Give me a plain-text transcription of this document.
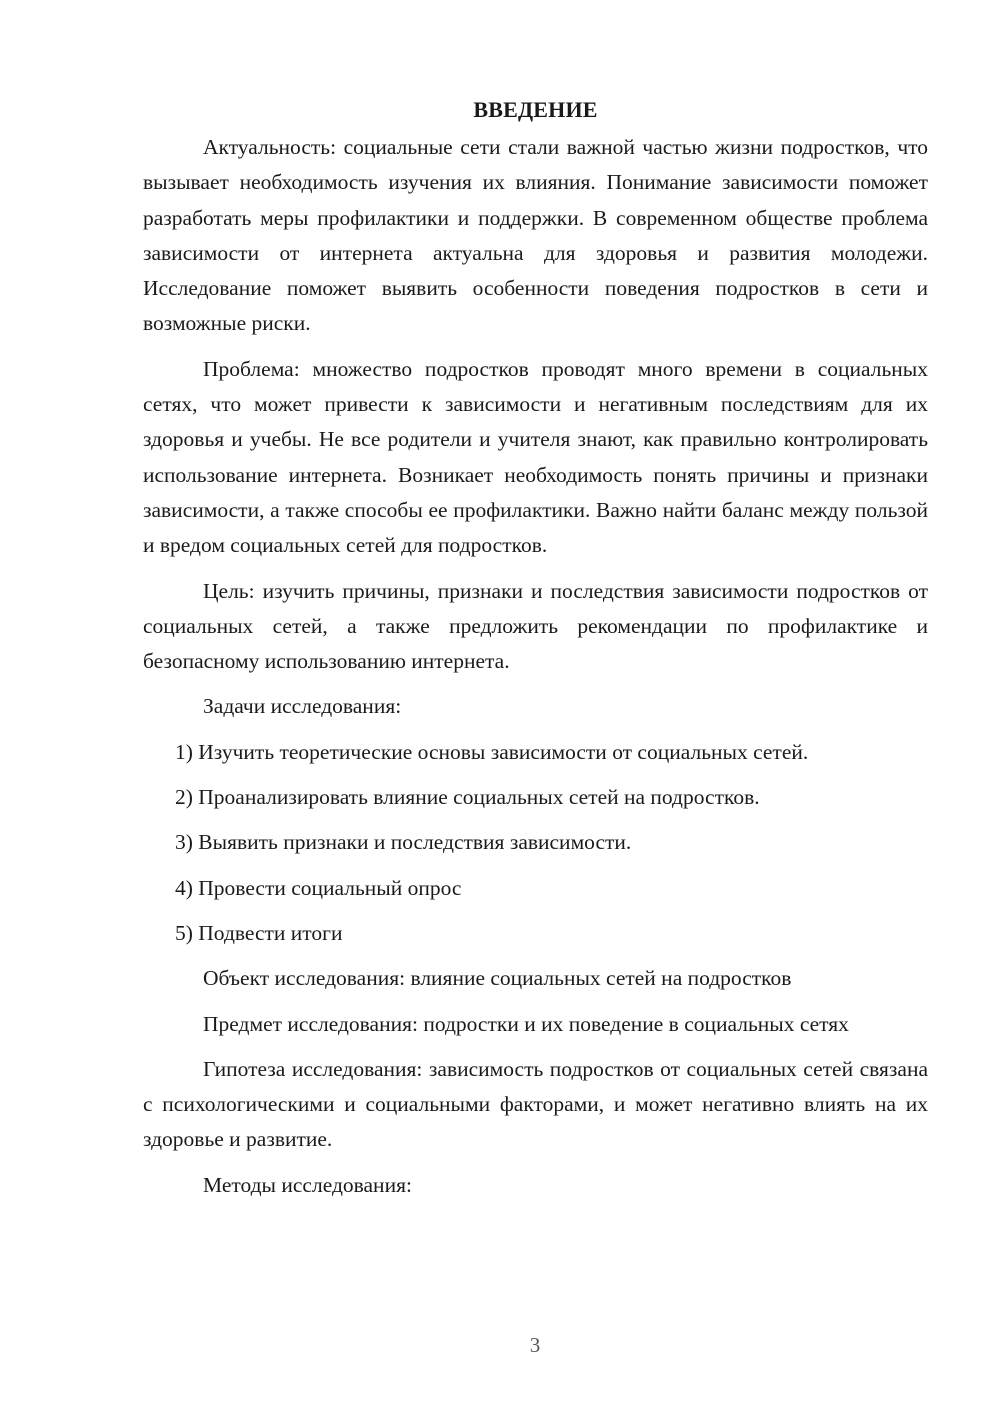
ВВЕДЕНИЕ

Актуальность: социальные сети стали важной частью жизни подростков, что вызывает необходимость изучения их влияния. Понимание зависимости поможет разработать меры профилактики и поддержки. В современном обществе проблема зависимости от интернета актуальна для здоровья и развития молодежи. Исследование поможет выявить особенности поведения подростков в сети и возможные риски.

Проблема: множество подростков проводят много времени в социальных сетях, что может привести к зависимости и негативным последствиям для их здоровья и учебы. Не все родители и учителя знают, как правильно контролировать использование интернета. Возникает необходимость понять причины и признаки зависимости, а также способы ее профилактики. Важно найти баланс между пользой и вредом социальных сетей для подростков.

Цель: изучить причины, признаки и последствия зависимости подростков от социальных сетей, а также предложить рекомендации по профилактике и безопасному использованию интернета.

Задачи исследования:

1) Изучить теоретические основы зависимости от социальных сетей.
2) Проанализировать влияние социальных сетей на подростков.
3) Выявить признаки и последствия зависимости.
4) Провести социальный опрос
5) Подвести итоги

Объект исследования: влияние социальных сетей на подростков

Предмет исследования: подростки и их поведение в социальных сетях

Гипотеза исследования: зависимость подростков от социальных сетей связана с психологическими и социальными факторами, и может негативно влиять на их здоровье и развитие.

Методы исследования:

3
